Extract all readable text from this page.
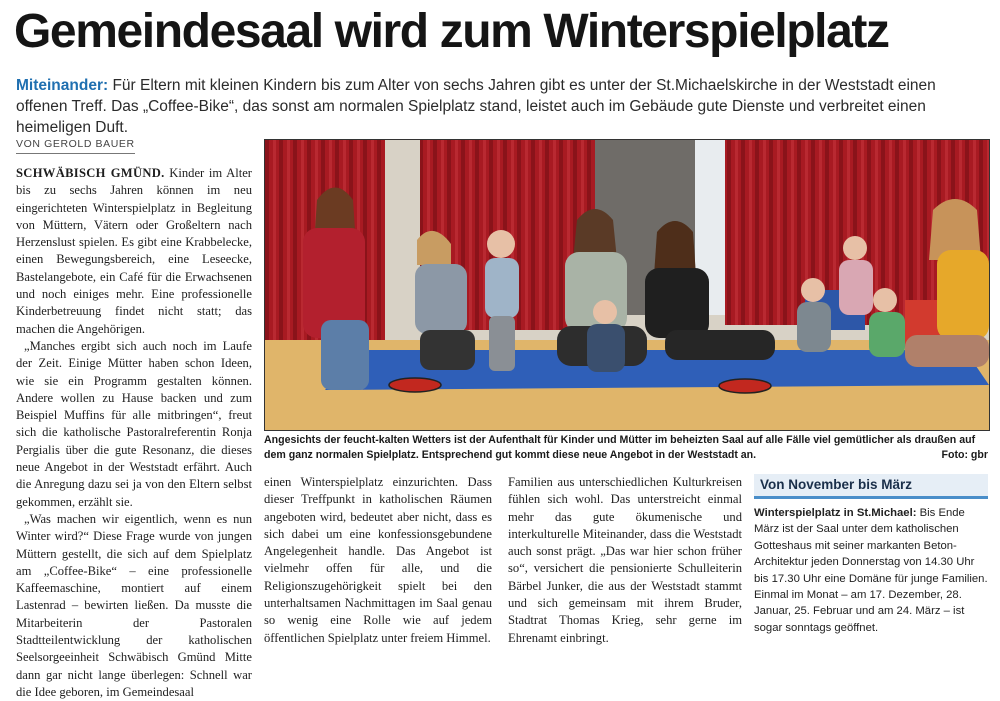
Gemeindesaal wird zum Winterspielplatz

Miteinander: Für Eltern mit kleinen Kindern bis zum Alter von sechs Jahren gibt es unter der St.Michaelskirche in der Weststadt einen offenen Treff. Das „Coffee-Bike“, das sonst am normalen Spielplatz stand, leistet auch im Gebäude gute Dienste und verbreitet einen heimeligen Duft.

VON GEROLD BAUER

SCHWÄBISCH GMÜND. Kinder im Alter bis zu sechs Jahren können im neu eingerichteten Winterspielplatz in Begleitung von Müttern, Vätern oder Großeltern nach Herzenslust spielen. Es gibt eine Krabbelecke, einen Bewegungsbereich, eine Leseecke, Bastelangebote, ein Café für die Erwachsenen und noch einiges mehr. Eine professionelle Kinderbetreuung findet nicht statt; das machen die Angehörigen.

„Manches ergibt sich auch noch im Laufe der Zeit. Einige Mütter haben schon Ideen, wie sie ein Programm gestalten können. Andere wollen zu Hause backen und zum Beispiel Muffins für alle mitbringen“, freut sich die katholische Pastoralreferentin Ronja Pergialis über die gute Resonanz, die dieses neue Angebot in der Weststadt erfährt. Auch die Anregung dazu sei ja von den Eltern selbst gekommen, erzählt sie.

„Was machen wir eigentlich, wenn es nun Winter wird?“ Diese Frage wurde von jungen Müttern gestellt, die sich auf dem Spielplatz am „Coffee-Bike“ – eine professionelle Kaffeemaschine, montiert auf einem Lastenrad – bewirten ließen. Da musste die Mitarbeiterin der Pastoralen Stadtteilentwicklung der katholischen Seelsorgeeinheit Schwäbisch Gmünd Mitte dann gar nicht lange überlegen: Schnell war die Idee geboren, im Gemeindesaal

Angesichts der feucht-kalten Wetters ist der Aufenthalt für Kinder und Mütter im beheizten Saal auf alle Fälle viel gemütlicher als draußen auf dem ganz normalen Spielplatz. Entsprechend gut kommt diese neue Angebot in der Weststadt an.	Foto: gbr

einen Winterspielplatz einzurichten. Dass dieser Treffpunkt in katholischen Räumen angeboten wird, bedeutet aber nicht, dass es sich dabei um eine konfessionsgebundene Angelegenheit handle. Das Angebot ist vielmehr offen für alle, und die Religionszugehörigkeit spielt bei den unterhaltsamen Nachmittagen im Saal genau so wenig eine Rolle wie auf jedem öffentlichen Spielplatz unter freiem Himmel.

Familien aus unterschiedlichen Kulturkreisen fühlen sich wohl. Das unterstreicht einmal mehr das gute ökumenische und interkulturelle Miteinander, dass die Weststadt auch sonst prägt. „Das war hier schon früher so“, versichert die pensionierte Schulleiterin Bärbel Junker, die aus der Weststadt stammt und sich gemeinsam mit ihrem Bruder, Stadtrat Thomas Krieg, sehr gerne im Ehrenamt einbringt.

Von November bis März

Winterspielplatz in St.Michael: Bis Ende März ist der Saal unter dem katholischen Gotteshaus mit seiner markanten Beton-Architektur jeden Donnerstag von 14.30 Uhr bis 17.30 Uhr eine Domäne für junge Familien. Einmal im Monat – am 17. Dezember, 28. Januar, 25. Februar und am 24. März – ist sogar sonntags geöffnet.
